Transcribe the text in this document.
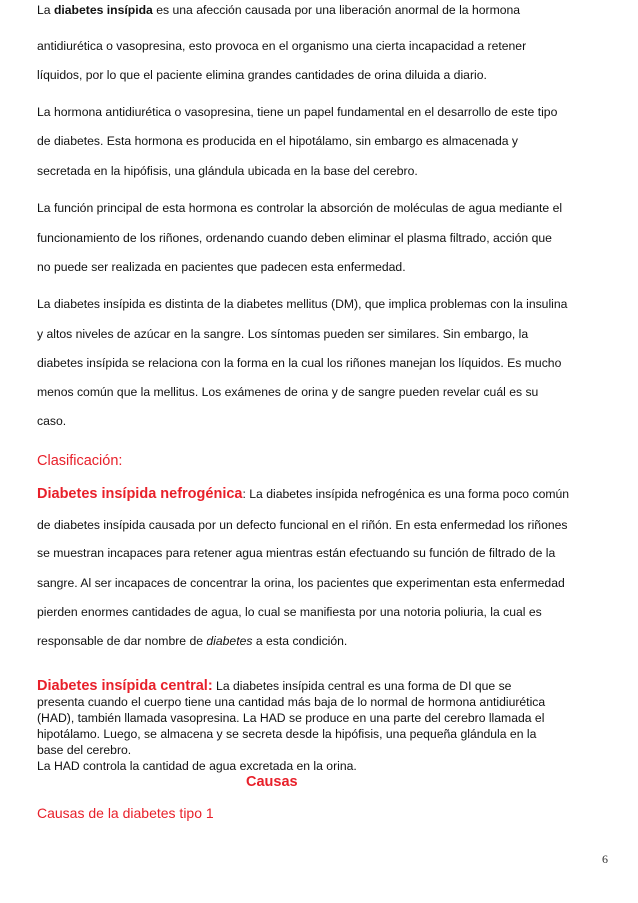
La diabetes insípida es una afección causada por una liberación anormal de la hormona
antidiurética o vasopresina, esto provoca en el organismo una cierta incapacidad a retener
líquidos, por lo que el paciente elimina grandes cantidades de orina diluida a diario.
La hormona antidiurética o vasopresina, tiene un papel fundamental en el desarrollo de este tipo
de diabetes. Esta hormona es producida en el hipotálamo, sin embargo es almacenada y
secretada en la hipófisis, una glándula ubicada en la base del cerebro.
La función principal de esta hormona es controlar la absorción de moléculas de agua mediante el
funcionamiento de los riñones, ordenando cuando deben eliminar el plasma filtrado, acción que
no puede ser realizada en pacientes que padecen esta enfermedad.
La diabetes insípida es distinta de la diabetes mellitus (DM), que implica problemas con la insulina
y altos niveles de azúcar en la sangre. Los síntomas pueden ser similares. Sin embargo, la
diabetes insípida se relaciona con la forma en la cual los riñones manejan los líquidos. Es mucho
menos común que la mellitus. Los exámenes de orina y de sangre pueden revelar cuál es su
caso.
Clasificación:
Diabetes insípida nefrogénica: La diabetes insípida nefrogénica es una forma poco común
de diabetes insípida causada por un defecto funcional en el riñón. En esta enfermedad los riñones
se muestran incapaces para retener agua mientras están efectuando su función de filtrado de la
sangre. Al ser incapaces de concentrar la orina, los pacientes que experimentan esta enfermedad
pierden enormes cantidades de agua, lo cual se manifiesta por una notoria poliuria, la cual es
responsable de dar nombre de diabetes a esta condición.
Diabetes insípida central: La diabetes insípida central es una forma de DI que se
presenta cuando el cuerpo tiene una cantidad más baja de lo normal de hormona antidiurética
(HAD), también llamada vasopresina. La HAD se produce en una parte del cerebro llamada el
hipotálamo. Luego, se almacena y se secreta desde la hipófisis, una pequeña glándula en la
base del cerebro.
La HAD controla la cantidad de agua excretada en la orina.
Causas
Causas de la diabetes tipo 1
6
